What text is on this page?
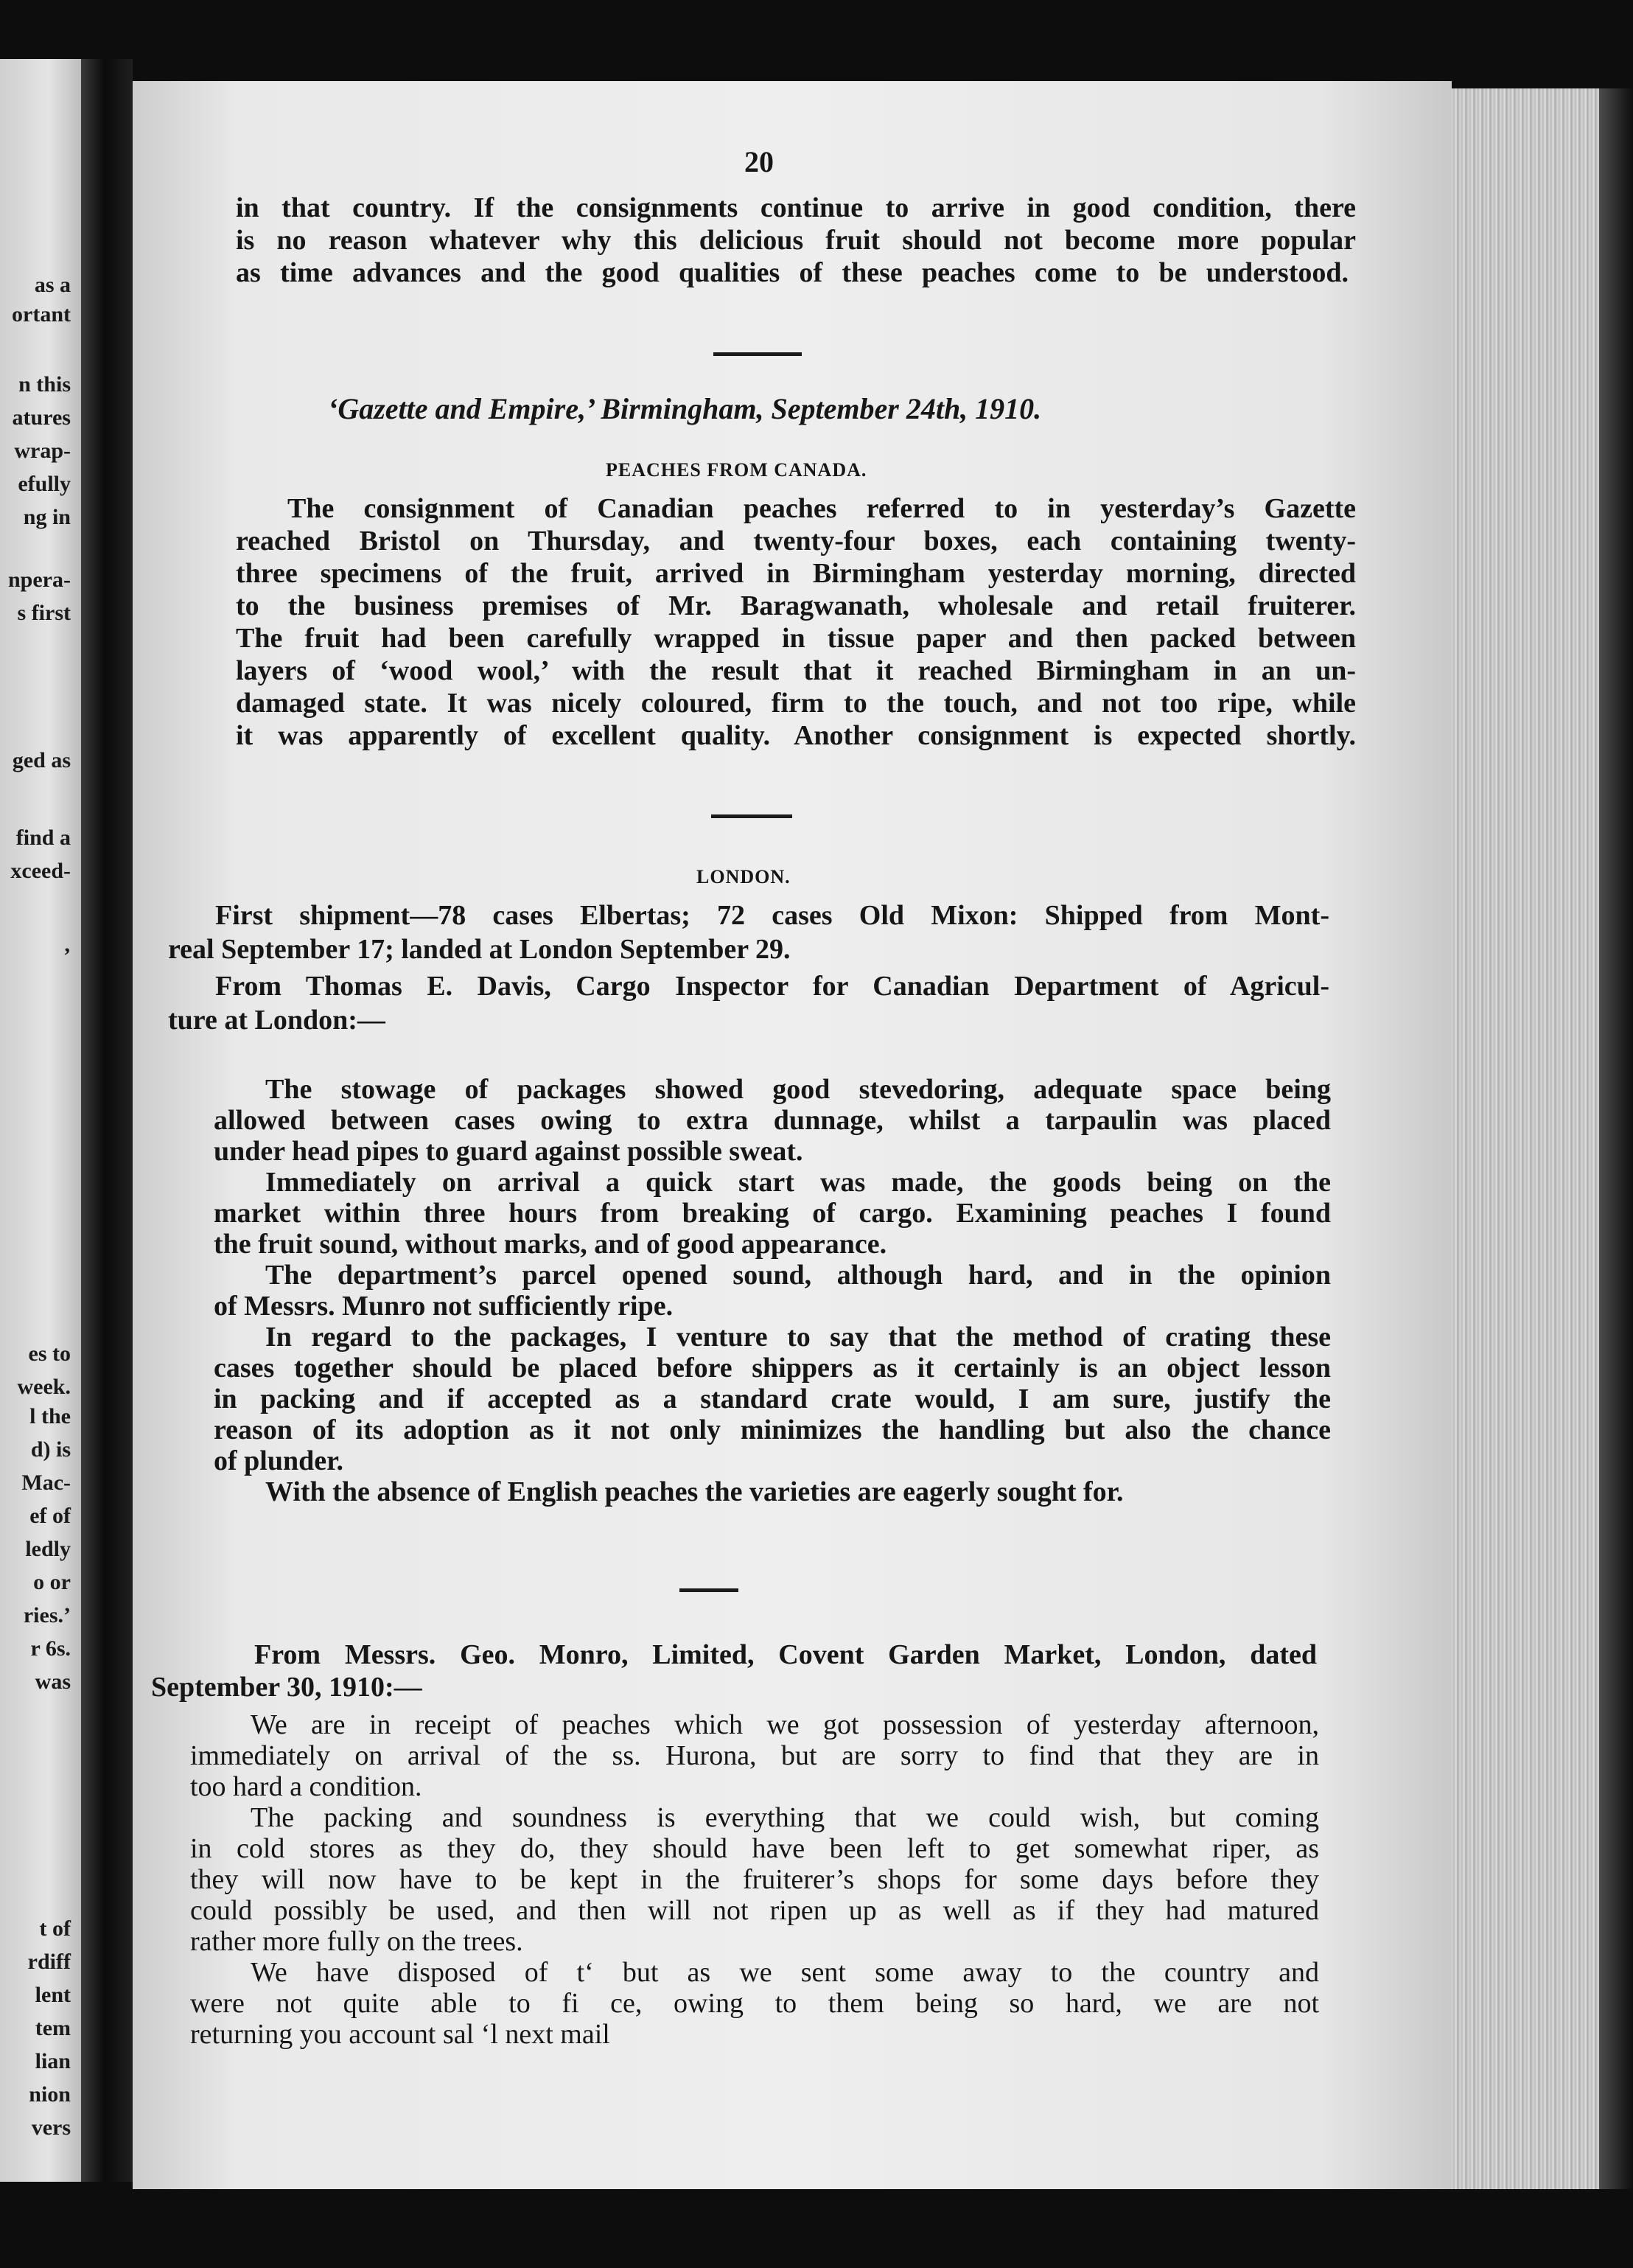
as a
ortant
n this
atures
wrap-
efully
ng in
npera-
s first
ged as
find a
xceed-
’
es to
week.
l the
d) is
Mac-
ef of
ledly
o or
ries.’
r 6s.
was
t of
rdiff
lent
tem
lian
nion
vers
20
in that country. If the consignments continue to arrive in good condition, there
is no reason whatever why this delicious fruit should not become more popular
as time advances and the good qualities of these peaches come to be understood.
‘Gazette and Empire,’ Birmingham, September 24th, 1910.
PEACHES FROM CANADA.
The consignment of Canadian peaches referred to in yesterday’s Gazette
reached Bristol on Thursday, and twenty-four boxes, each containing twenty-
three specimens of the fruit, arrived in Birmingham yesterday morning, directed
to the business premises of Mr. Baragwanath, wholesale and retail fruiterer.
The fruit had been carefully wrapped in tissue paper and then packed between
layers of ‘wood wool,’ with the result that it reached Birmingham in an un-
damaged state. It was nicely coloured, firm to the touch, and not too ripe, while
it was apparently of excellent quality. Another consignment is expected shortly.
LONDON.
First shipment—78 cases Elbertas; 72 cases Old Mixon: Shipped from Mont-
real September 17; landed at London September 29.
From Thomas E. Davis, Cargo Inspector for Canadian Department of Agricul-
ture at London:—
The stowage of packages showed good stevedoring, adequate space being
allowed between cases owing to extra dunnage, whilst a tarpaulin was placed
under head pipes to guard against possible sweat.
Immediately on arrival a quick start was made, the goods being on the
market within three hours from breaking of cargo. Examining peaches I found
the fruit sound, without marks, and of good appearance.
The department’s parcel opened sound, although hard, and in the opinion
of Messrs. Munro not sufficiently ripe.
In regard to the packages, I venture to say that the method of crating these
cases together should be placed before shippers as it certainly is an object lesson
in packing and if accepted as a standard crate would, I am sure, justify the
reason of its adoption as it not only minimizes the handling but also the chance
of plunder.
With the absence of English peaches the varieties are eagerly sought for.
From Messrs. Geo. Monro, Limited, Covent Garden Market, London, dated
September 30, 1910:—
We are in receipt of peaches which we got possession of yesterday afternoon,
immediately on arrival of the ss. Hurona, but are sorry to find that they are in
too hard a condition.
The packing and soundness is everything that we could wish, but coming
in cold stores as they do, they should have been left to get somewhat riper, as
they will now have to be kept in the fruiterer’s shops for some days before they
could possibly be used, and then will not ripen up as well as if they had matured
rather more fully on the trees.
We have disposed of t‘ but as we sent some away to the country and
were not quite able to fi ce, owing to them being so hard, we are not
returning you account sal ‘l next mail
